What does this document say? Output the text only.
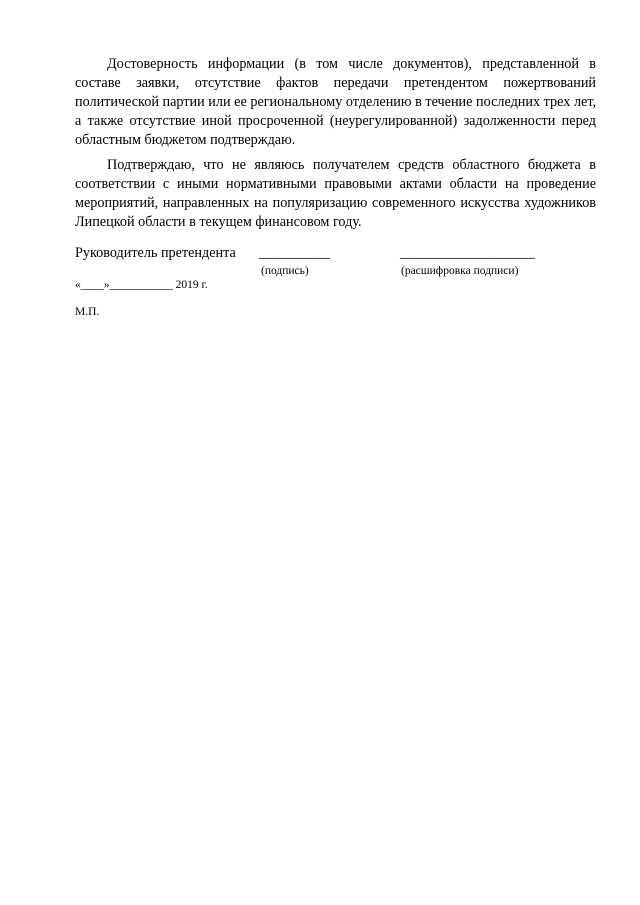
Достоверность информации (в том числе документов), представленной в составе заявки, отсутствие фактов передачи претендентом пожертвований политической партии или ее региональному отделению в течение последних трех лет, а также отсутствие иной просроченной (неурегулированной) задолженности перед областным бюджетом подтверждаю.

Подтверждаю, что не являюсь получателем средств областного бюджета в соответствии с иными нормативными правовыми актами области на проведение мероприятий, направленных на популяризацию современного искусства художников Липецкой области в текущем финансовом году.

Руководитель претендента __________	___________________
(подпись)	(расшифровка подписи)
«____»___________ 2019 г.
М.П.
